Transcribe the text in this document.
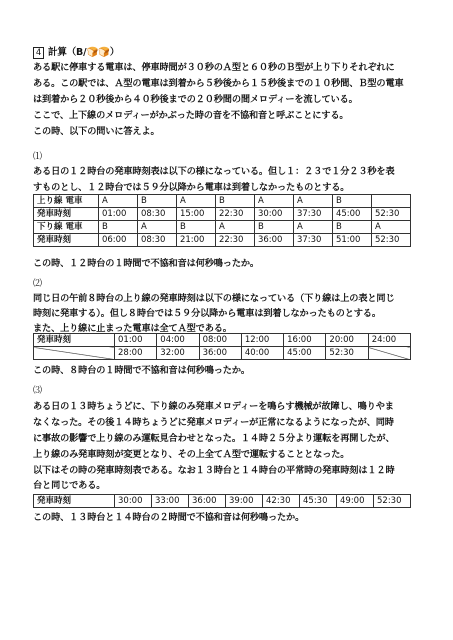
4 計算（B/🍞🍞）
ある駅に停車する電車は、停車時間が３０秒のＡ型と６０秒のＢ型が上り下りそれぞれに
ある。この駅では、Ａ型の電車は到着から５秒後から１５秒後までの１０秒間、Ｂ型の電車
は到着から２０秒後から４０秒後までの２０秒間の間メロディーを流している。
ここで、上下線のメロディーがかぶった時の音を不協和音と呼ぶことにする。
この時、以下の問いに答えよ。
⑴
ある日の１２時台の発車時刻表は以下の様になっている。但し１：２３で１分２３秒を表
すものとし、１２時台では５９分以降から電車は到着しなかったものとする。
上り線 電車	A	B	A	B	A	A	B	
発車時刻	01:00	08:30	15:00	22:30	30:00	37:30	45:00	52:30
下り線 電車	B	A	B	A	B	A	B	A
発車時刻	06:00	08:30	21:00	22:30	36:00	37:30	51:00	52:30
この時、１２時台の１時間で不協和音は何秒鳴ったか。
⑵
同じ日の午前８時台の上り線の発車時刻は以下の様になっている（下り線は上の表と同じ
時刻に発車する）。但し８時台では５９分以降から電車は到着しなかったものとする。
また、上り線に止まった電車は全てＡ型である。
発車時刻	01:00	04:00	08:00	12:00	16:00	20:00	24:00
	28:00	32:00	36:00	40:00	45:00	52:30	
この時、８時台の１時間で不協和音は何秒鳴ったか。
⑶
ある日の１３時ちょうどに、下り線のみ発車メロディーを鳴らす機械が故障し、鳴りやま
なくなった。その後１４時ちょうどに発車メロディーが正常になるようになったが、同時
に事故の影響で上り線のみ運転見合わせとなった。１４時２５分より運転を再開したが、
上り線のみ発車時刻が変更となり、その上全てＡ型で運転することとなった。
以下はその時の発車時刻表である。なお１３時台と１４時台の平常時の発車時刻は１２時
台と同じである。
発車時刻	30:00	33:00	36:00	39:00	42:30	45:30	49:00	52:30
この時、１３時台と１４時台の２時間で不協和音は何秒鳴ったか。
